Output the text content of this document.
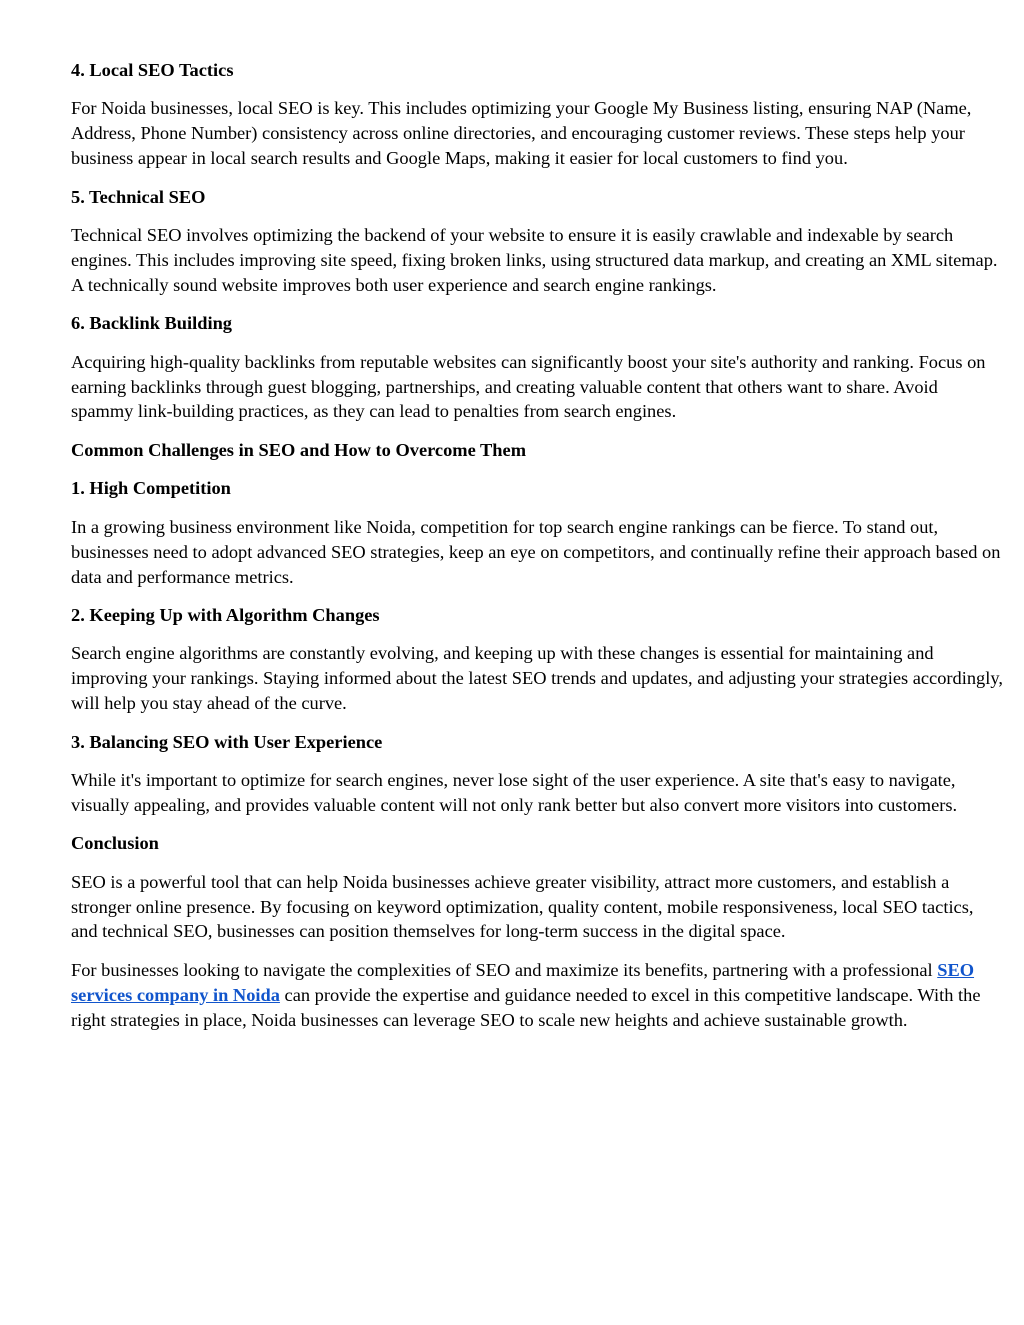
4. Local SEO Tactics

For Noida businesses, local SEO is key. This includes optimizing your Google My Business listing, ensuring NAP (Name, Address, Phone Number) consistency across online directories, and encouraging customer reviews. These steps help your business appear in local search results and Google Maps, making it easier for local customers to find you.

5. Technical SEO

Technical SEO involves optimizing the backend of your website to ensure it is easily crawlable and indexable by search engines. This includes improving site speed, fixing broken links, using structured data markup, and creating an XML sitemap. A technically sound website improves both user experience and search engine rankings.

6. Backlink Building

Acquiring high-quality backlinks from reputable websites can significantly boost your site's authority and ranking. Focus on earning backlinks through guest blogging, partnerships, and creating valuable content that others want to share. Avoid spammy link-building practices, as they can lead to penalties from search engines.

Common Challenges in SEO and How to Overcome Them

1. High Competition

In a growing business environment like Noida, competition for top search engine rankings can be fierce. To stand out, businesses need to adopt advanced SEO strategies, keep an eye on competitors, and continually refine their approach based on data and performance metrics.

2. Keeping Up with Algorithm Changes

Search engine algorithms are constantly evolving, and keeping up with these changes is essential for maintaining and improving your rankings. Staying informed about the latest SEO trends and updates, and adjusting your strategies accordingly, will help you stay ahead of the curve.

3. Balancing SEO with User Experience

While it's important to optimize for search engines, never lose sight of the user experience. A site that's easy to navigate, visually appealing, and provides valuable content will not only rank better but also convert more visitors into customers.

Conclusion

SEO is a powerful tool that can help Noida businesses achieve greater visibility, attract more customers, and establish a stronger online presence. By focusing on keyword optimization, quality content, mobile responsiveness, local SEO tactics, and technical SEO, businesses can position themselves for long-term success in the digital space.

For businesses looking to navigate the complexities of SEO and maximize its benefits, partnering with a professional SEO services company in Noida can provide the expertise and guidance needed to excel in this competitive landscape. With the right strategies in place, Noida businesses can leverage SEO to scale new heights and achieve sustainable growth.
